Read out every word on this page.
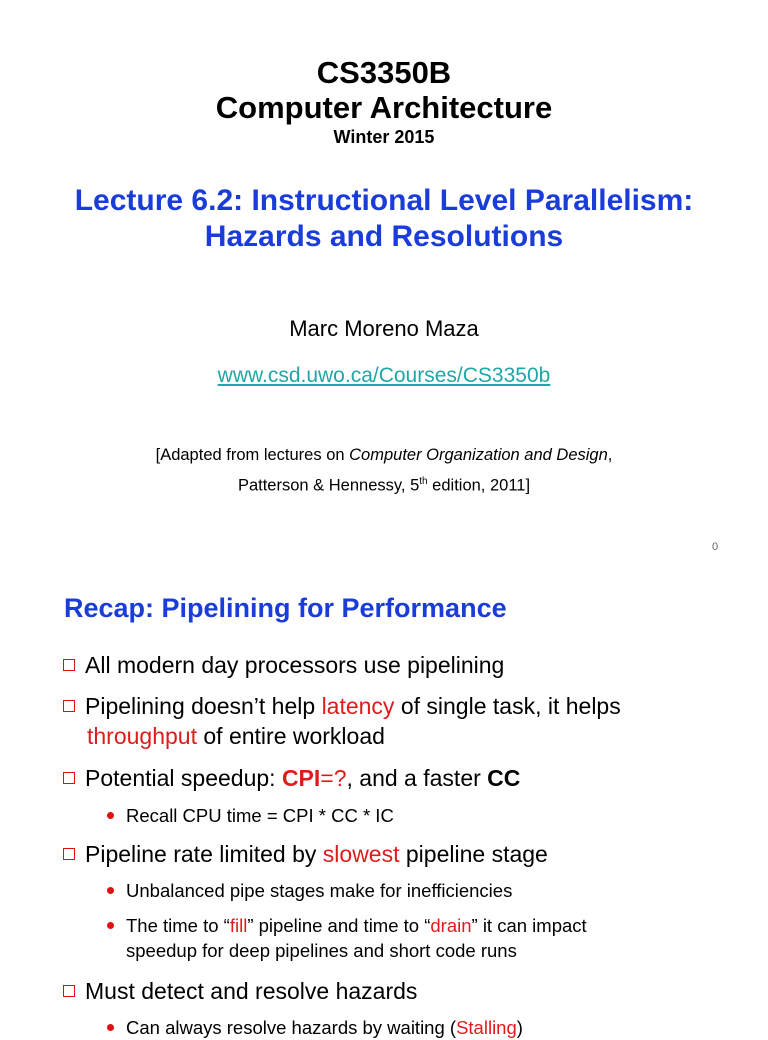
CS3350B
Computer Architecture
Winter 2015
Lecture 6.2: Instructional Level Parallelism:
Hazards and Resolutions
Marc Moreno Maza
www.csd.uwo.ca/Courses/CS3350b
[Adapted from lectures on Computer Organization and Design,
Patterson & Hennessy, 5th edition, 2011]
0
Recap: Pipelining for Performance
All modern day processors use pipelining
Pipelining doesn’t help latency of single task, it helps
throughput of entire workload
Potential speedup: CPI=?, and a faster CC
Recall CPU time = CPI * CC * IC
Pipeline rate limited by slowest pipeline stage
Unbalanced pipe stages make for inefficiencies
The time to “fill” pipeline and time to “drain” it can impact
speedup for deep pipelines and short code runs
Must detect and resolve hazards
Can always resolve hazards by waiting (Stalling)
